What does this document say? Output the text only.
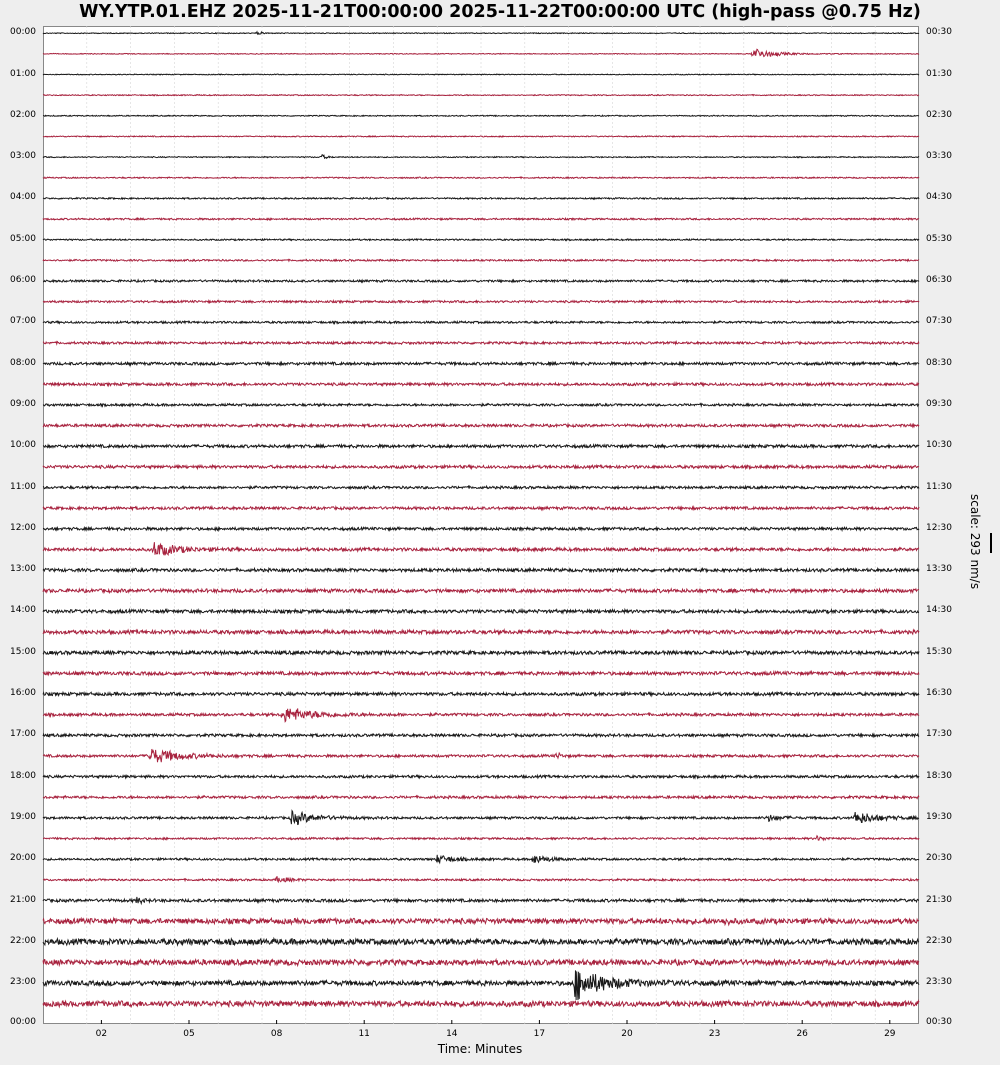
WY.YTP.01.EHZ 2025-11-21T00:00:00 2025-11-22T00:00:00 UTC (high-pass @0.75 Hz)
00:00
01:00
02:00
03:00
04:00
05:00
06:00
07:00
08:00
09:00
10:00
11:00
12:00
13:00
14:00
15:00
16:00
17:00
18:00
19:00
20:00
21:00
22:00
23:00
00:00
00:30
01:30
02:30
03:30
04:30
05:30
06:30
07:30
08:30
09:30
10:30
11:30
12:30
13:30
14:30
15:30
16:30
17:30
18:30
19:30
20:30
21:30
22:30
23:30
00:30
02	05	08	11	14	17	20	23	26	29
Time: Minutes
scale: 293 nm/s
